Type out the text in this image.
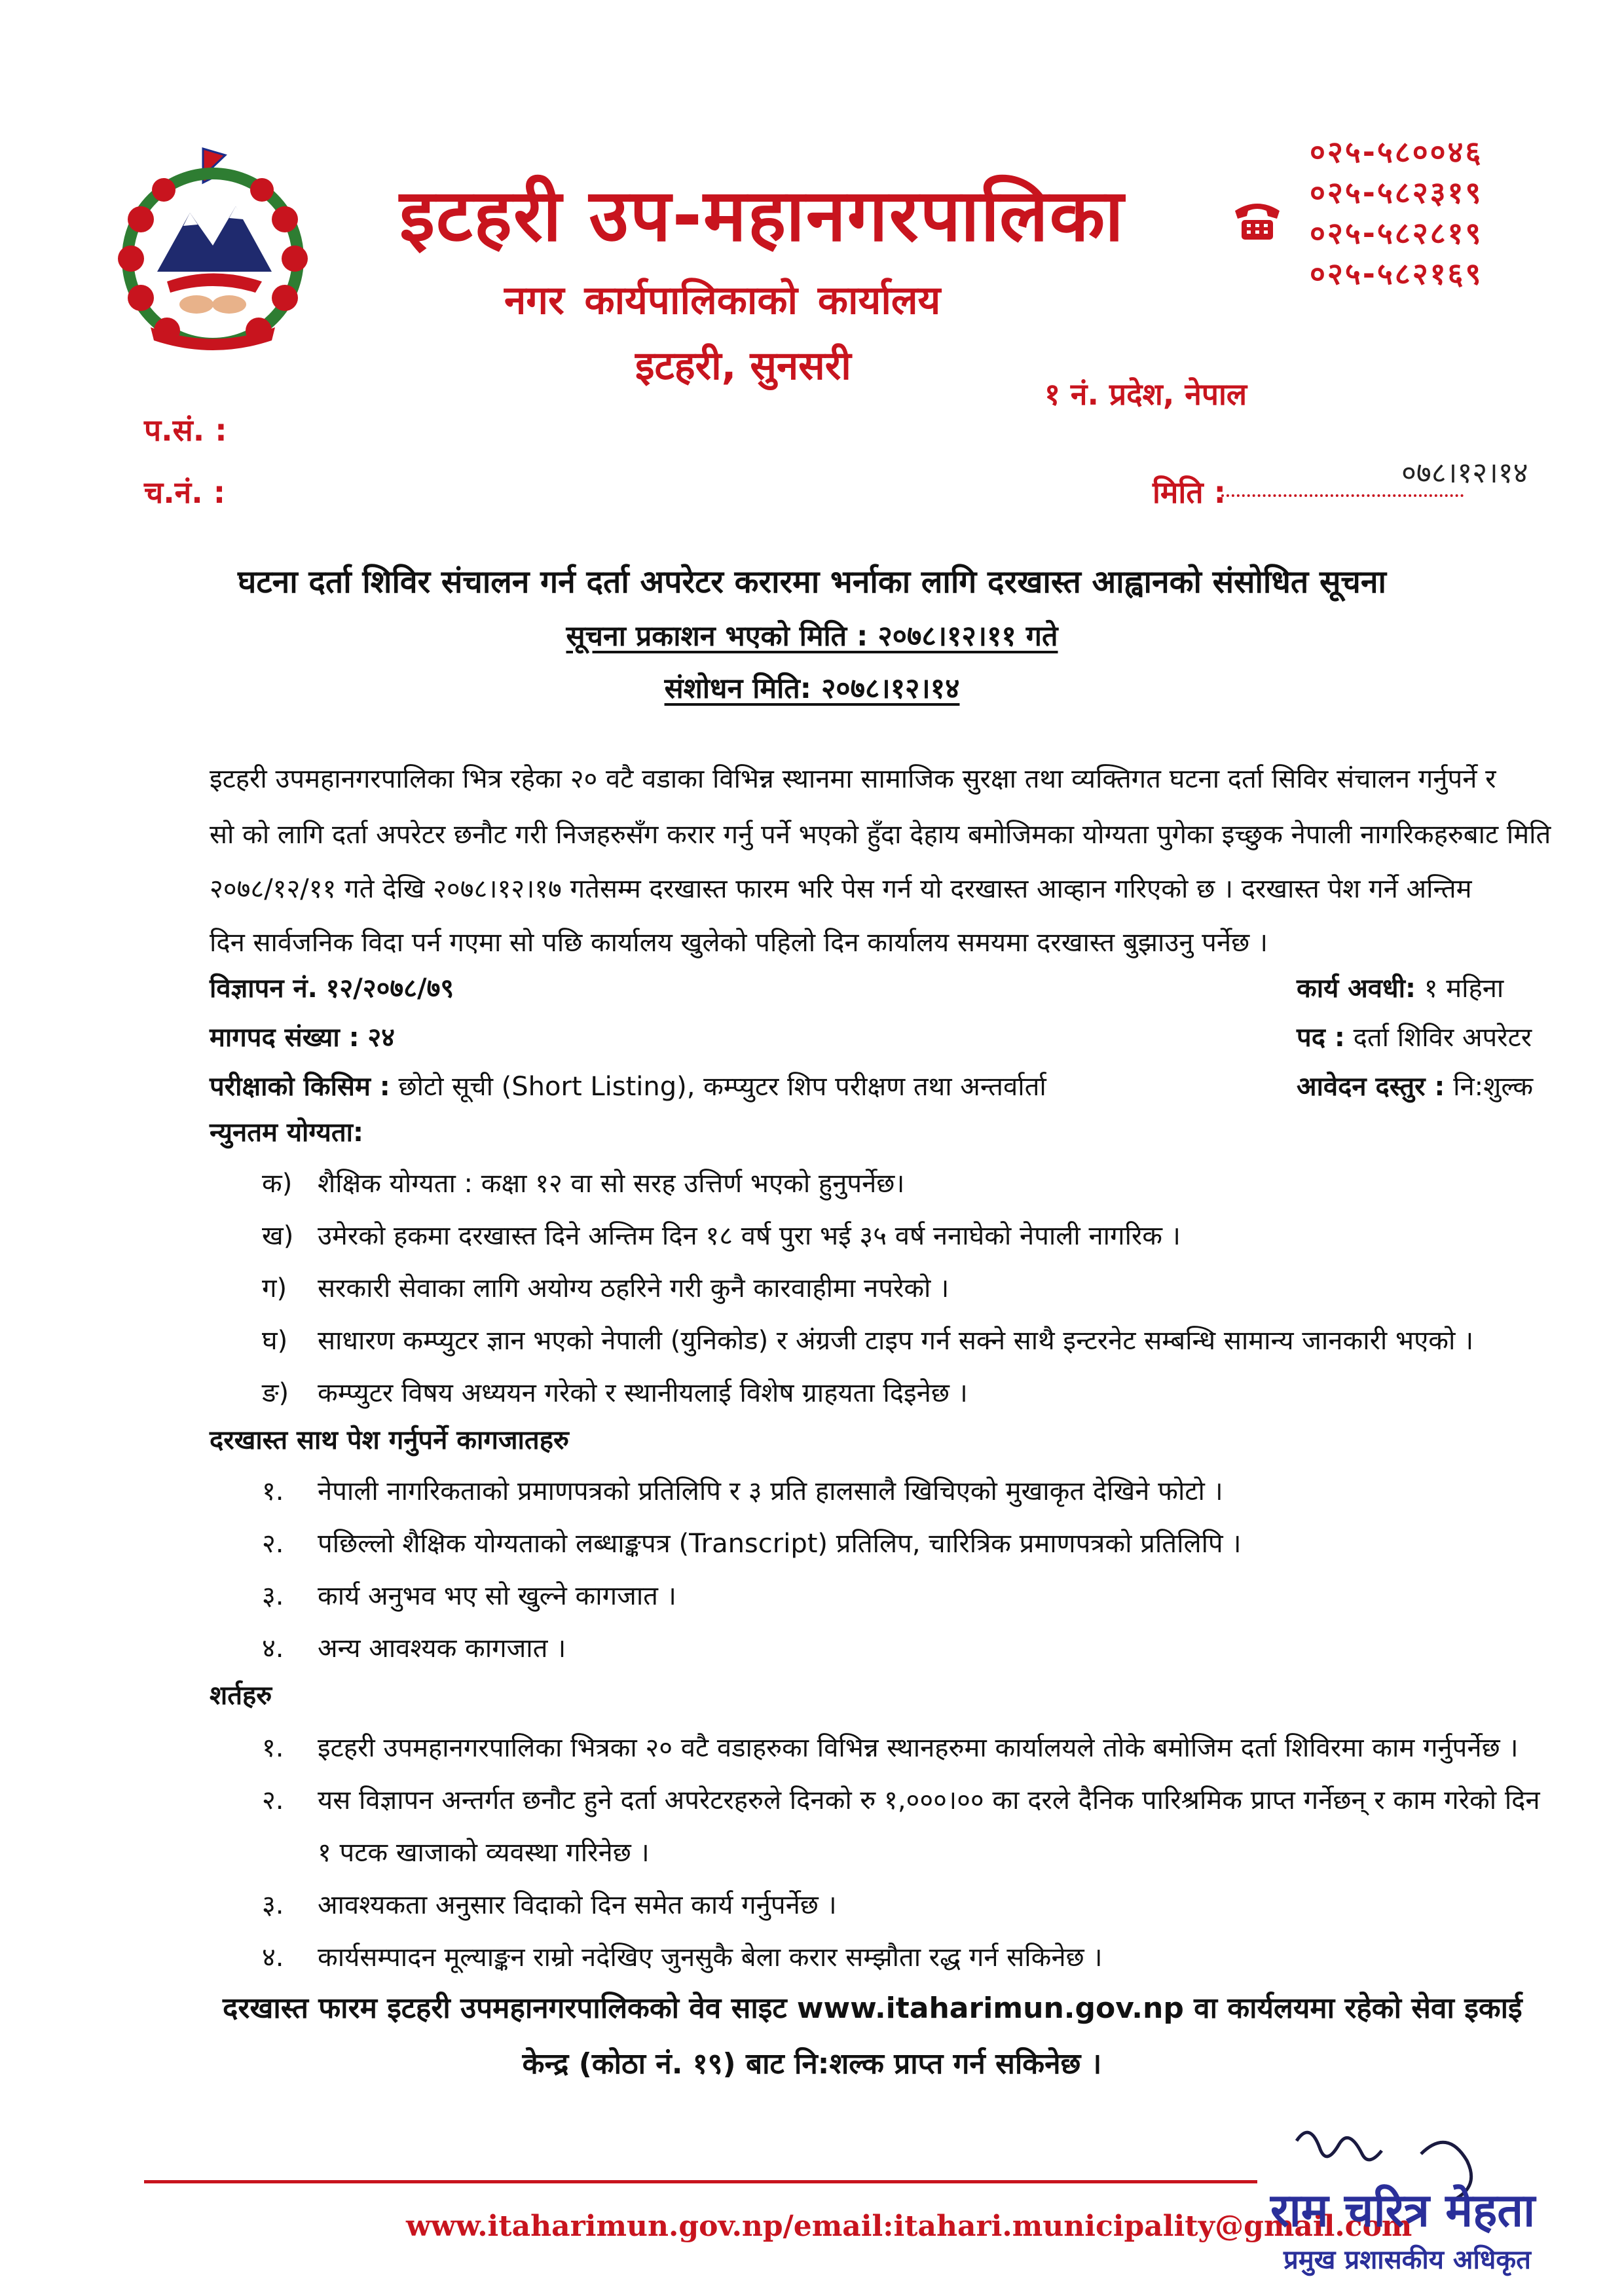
इटहरी उप-महानगरपालिका
नगर कार्यपालिकाको कार्यालय
इटहरी, सुनसरी
१ नं. प्रदेश, नेपाल
०२५-५८००४६
०२५-५८२३१९
०२५-५८२८१९
०२५-५८२१६९
प.सं. :
च.नं. :	मिति :
०७८।१२।१४
घटना दर्ता शिविर संचालन गर्न दर्ता अपरेटर करारमा भर्नाका लागि दरखास्त आह्वानको संसोधित सूचना
सूचना प्रकाशन भएको मिति : २०७८।१२।११ गते
संशोधन मिति: २०७८।१२।१४
इटहरी उपमहानगरपालिका भित्र रहेका २० वटै वडाका विभिन्न स्थानमा सामाजिक सुरक्षा तथा व्यक्तिगत घटना दर्ता सिविर संचालन गर्नुपर्ने र
सो को लागि दर्ता अपरेटर छनौट गरी निजहरुसँग करार गर्नु पर्ने भएको हुँदा देहाय बमोजिमका योग्यता पुगेका इच्छुक नेपाली नागरिकहरुबाट मिति
२०७८/१२/११ गते देखि २०७८।१२।१७ गतेसम्म दरखास्त फारम भरि पेस गर्न यो दरखास्त आव्हान गरिएको छ । दरखास्त पेश गर्ने अन्तिम
दिन सार्वजनिक विदा पर्न गएमा सो पछि कार्यालय खुलेको पहिलो दिन कार्यालय समयमा दरखास्त बुझाउनु पर्नेछ ।
विज्ञापन नं. १२/२०७८/७९
मागपद संख्या : २४
परीक्षाको किसिम : छोटो सूची (Short Listing), कम्प्युटर शिप परीक्षण तथा अन्तर्वार्ता
कार्य अवधी: १ महिना
पद : दर्ता शिविर अपरेटर
आवेदन दस्तुर : नि:शुल्क
न्युनतम योग्यता:
क) शैक्षिक योग्यता : कक्षा १२ वा सो सरह उत्तिर्ण भएको हुनुपर्नेछ।
ख) उमेरको हकमा दरखास्त दिने अन्तिम दिन १८ वर्ष पुरा भई ३५ वर्ष ननाघेको नेपाली नागरिक ।
ग) सरकारी सेवाका लागि अयोग्य ठहरिने गरी कुनै कारवाहीमा नपरेको ।
घ) साधारण कम्प्युटर ज्ञान भएको नेपाली (युनिकोड) र अंग्रजी टाइप गर्न सक्ने साथै इन्टरनेट सम्बन्धि सामान्य जानकारी भएको ।
ङ) कम्प्युटर विषय अध्ययन गरेको र स्थानीयलाई विशेष ग्राहयता दिइनेछ ।
दरखास्त साथ पेश गर्नुपर्ने कागजातहरु
१. नेपाली नागरिकताको प्रमाणपत्रको प्रतिलिपि र ३ प्रति हालसालै खिचिएको मुखाकृत देखिने फोटो ।
२. पछिल्लो शैक्षिक योग्यताको लब्धाङ्कपत्र (Transcript) प्रतिलिप, चारित्रिक प्रमाणपत्रको प्रतिलिपि ।
३. कार्य अनुभव भए सो खुल्ने कागजात ।
४. अन्य आवश्यक कागजात ।
शर्तहरु
१. इटहरी उपमहानगरपालिका भित्रका २० वटै वडाहरुका विभिन्न स्थानहरुमा कार्यालयले तोके बमोजिम दर्ता शिविरमा काम गर्नुपर्नेछ ।
२. यस विज्ञापन अन्तर्गत छनौट हुने दर्ता अपरेटरहरुले दिनको रु १,०००।०० का दरले दैनिक पारिश्रमिक प्राप्त गर्नेछन् र काम गरेको दिन
१ पटक खाजाको व्यवस्था गरिनेछ ।
३. आवश्यकता अनुसार विदाको दिन समेत कार्य गर्नुपर्नेछ ।
४. कार्यसम्पादन मूल्याङ्कन राम्रो नदेखिए जुनसुकै बेला करार सम्झौता रद्ध गर्न सकिनेछ ।
दरखास्त फारम इटहरी उपमहानगरपालिकको वेव साइट www.itaharimun.gov.np वा कार्यलयमा रहेको सेवा इकाई
केन्द्र (कोठा नं. १९) बाट नि:शल्क प्राप्त गर्न सकिनेछ ।
www.itaharimun.gov.np/email:itahari.municipality@gmail.com
राम चरित्र मेहता
प्रमुख प्रशासकीय अधिकृत
